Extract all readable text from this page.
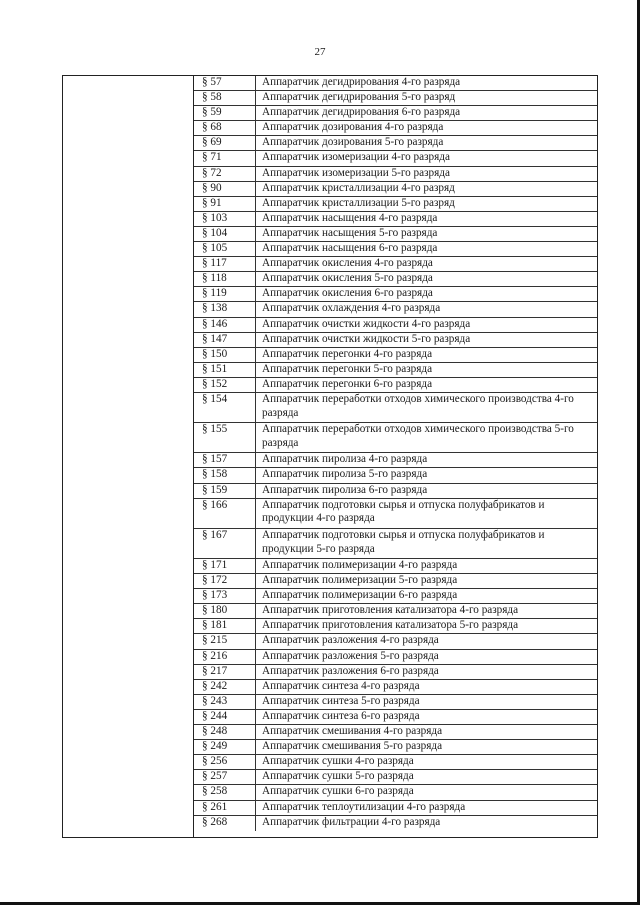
27
§ 57	Аппаратчик дегидрирования 4-го разряда
§ 58	Аппаратчик дегидрирования 5-го разряд
§ 59	Аппаратчик дегидрирования 6-го разряда
§ 68	Аппаратчик дозирования 4-го разряда
§ 69	Аппаратчик дозирования 5-го разряда
§ 71	Аппаратчик изомеризации 4-го разряда
§ 72	Аппаратчик изомеризации 5-го разряда
§ 90	Аппаратчик кристаллизации 4-го разряд
§ 91	Аппаратчик кристаллизации 5-го разряд
§ 103	Аппаратчик насыщения 4-го разряда
§ 104	Аппаратчик насыщения 5-го разряда
§ 105	Аппаратчик насыщения 6-го разряда
§ 117	Аппаратчик окисления 4-го разряда
§ 118	Аппаратчик окисления 5-го разряда
§ 119	Аппаратчик окисления 6-го разряда
§ 138	Аппаратчик охлаждения 4-го разряда
§ 146	Аппаратчик очистки жидкости 4-го разряда
§ 147	Аппаратчик очистки жидкости 5-го разряда
§ 150	Аппаратчик перегонки 4-го разряда
§ 151	Аппаратчик перегонки 5-го разряда
§ 152	Аппаратчик перегонки 6-го разряда
§ 154	Аппаратчик переработки отходов химического производства 4-го разряда
§ 155	Аппаратчик переработки отходов химического производства 5-го разряда
§ 157	Аппаратчик пиролиза 4-го разряда
§ 158	Аппаратчик пиролиза 5-го разряда
§ 159	Аппаратчик пиролиза 6-го разряда
§ 166	Аппаратчик подготовки сырья и отпуска полуфабрикатов и продукции 4-го разряда
§ 167	Аппаратчик подготовки сырья и отпуска полуфабрикатов и продукции 5-го разряда
§ 171	Аппаратчик полимеризации 4-го разряда
§ 172	Аппаратчик полимеризации 5-го разряда
§ 173	Аппаратчик полимеризации 6-го разряда
§ 180	Аппаратчик приготовления катализатора 4-го разряда
§ 181	Аппаратчик приготовления катализатора 5-го разряда
§ 215	Аппаратчик разложения 4-го разряда
§ 216	Аппаратчик разложения 5-го разряда
§ 217	Аппаратчик разложения 6-го разряда
§ 242	Аппаратчик синтеза 4-го разряда
§ 243	Аппаратчик синтеза 5-го разряда
§ 244	Аппаратчик синтеза 6-го разряда
§ 248	Аппаратчик смешивания 4-го разряда
§ 249	Аппаратчик смешивания 5-го разряда
§ 256	Аппаратчик сушки 4-го разряда
§ 257	Аппаратчик сушки 5-го разряда
§ 258	Аппаратчик сушки 6-го разряда
§ 261	Аппаратчик теплоутилизации 4-го разряда
§ 268	Аппаратчик фильтрации 4-го разряда
